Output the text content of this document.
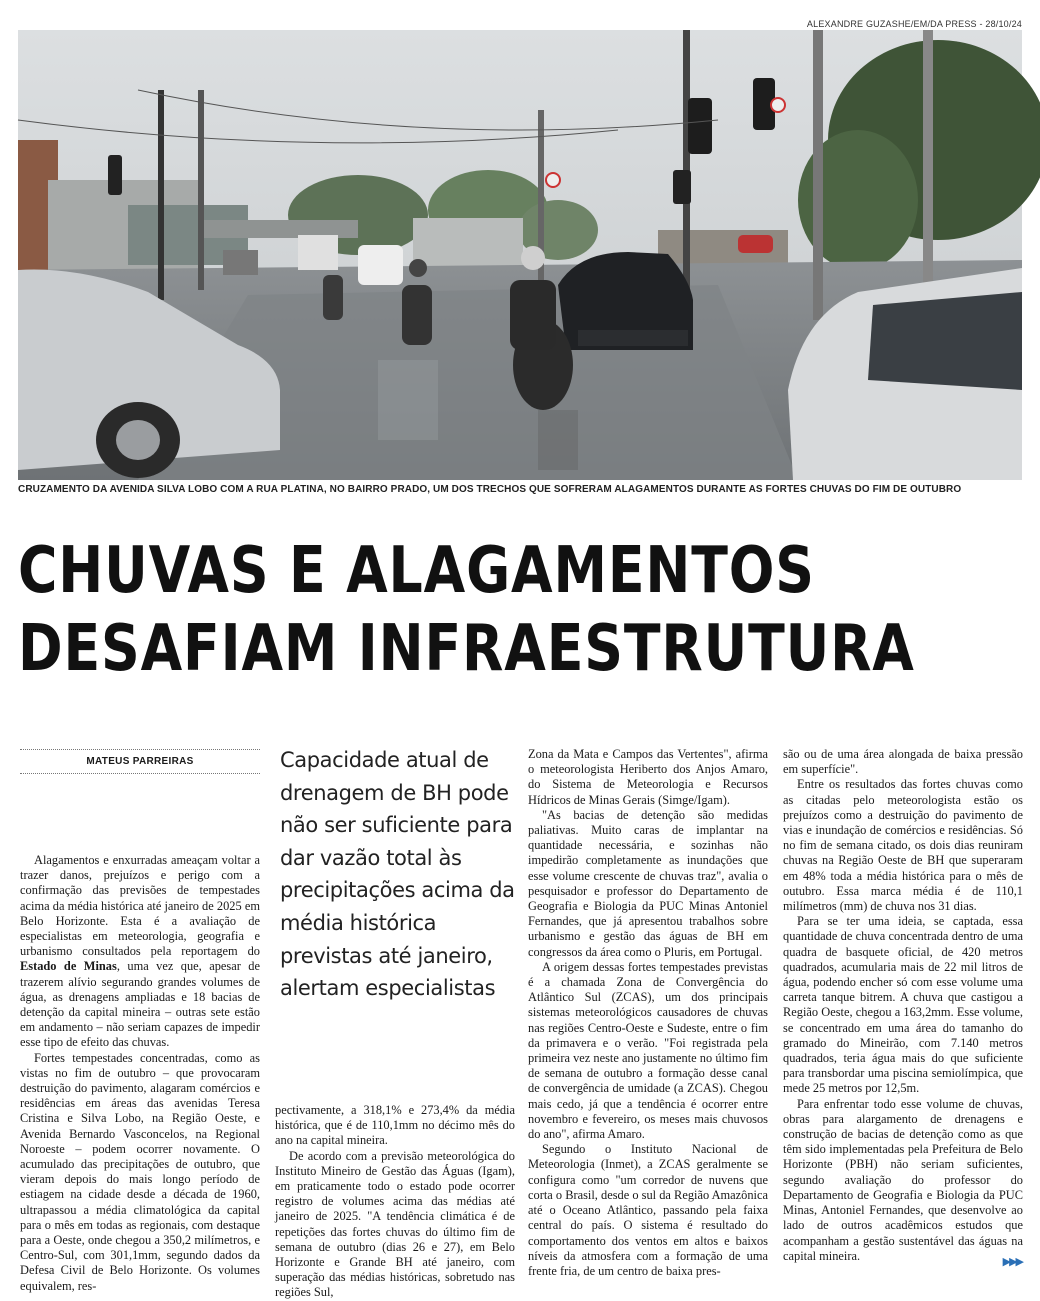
ALEXANDRE GUZASHE/EM/DA PRESS - 28/10/24
CRUZAMENTO DA AVENIDA SILVA LOBO COM A RUA PLATINA, NO BAIRRO PRADO, UM DOS TRECHOS QUE SOFRERAM ALAGAMENTOS DURANTE AS FORTES CHUVAS DO FIM DE OUTUBRO
CHUVAS E ALAGAMENTOS
DESAFIAM INFRAESTRUTURA
MATEUS PARREIRAS	Capacidade atual de drenagem de BH pode não ser suficiente para dar vazão total às precipitações acima da média histórica previstas até janeiro, alertam especialistas

Alagamentos e enxurradas ameaçam voltar a trazer danos, prejuízos e perigo com a confirmação das previsões de tempestades acima da média histórica até janeiro de 2025 em Belo Horizonte. Esta é a avaliação de especialistas em meteorologia, geografia e urbanismo consultados pela reportagem do Estado de Minas, uma vez que, apesar de trazerem alívio segurando grandes volumes de água, as drenagens ampliadas e 18 bacias de detenção da capital mineira – outras sete estão em andamento – não seriam capazes de impedir esse tipo de efeito das chuvas.

Fortes tempestades concentradas, como as vistas no fim de outubro – que provocaram destruição do pavimento, alagaram comércios e residências em áreas das avenidas Teresa Cristina e Silva Lobo, na Região Oeste, e Avenida Bernardo Vasconcelos, na Regional Noroeste – podem ocorrer novamente. O acumulado das precipitações de outubro, que vieram depois do mais longo período de estiagem na cidade desde a década de 1960, ultrapassou a média climatológica da capital para o mês em todas as regionais, com destaque para a Oeste, onde chegou a 350,2 milímetros, e Centro-Sul, com 301,1mm, segundo dados da Defesa Civil de Belo Horizonte. Os volumes equivalem, res-

pectivamente, a 318,1% e 273,4% da média histórica, que é de 110,1mm no décimo mês do ano na capital mineira.

De acordo com a previsão meteorológica do Instituto Mineiro de Gestão das Águas (Igam), em praticamente todo o estado pode ocorrer registro de volumes acima das médias até janeiro de 2025. "A tendência climática é de repetições das fortes chuvas do último fim de semana de outubro (dias 26 e 27), em Belo Horizonte e Grande BH até janeiro, com superação das médias históricas, sobretudo nas regiões Sul,

Zona da Mata e Campos das Vertentes", afirma o meteorologista Heriberto dos Anjos Amaro, do Sistema de Meteorologia e Recursos Hídricos de Minas Gerais (Simge/Igam).

"As bacias de detenção são medidas paliativas. Muito caras de implantar na quantidade necessária, e sozinhas não impedirão completamente as inundações que esse volume crescente de chuvas traz", avalia o pesquisador e professor do Departamento de Geografia e Biologia da PUC Minas Antoniel Fernandes, que já apresentou trabalhos sobre urbanismo e gestão das águas de BH em congressos da área como o Pluris, em Portugal.

A origem dessas fortes tempestades previstas é a chamada Zona de Convergência do Atlântico Sul (ZCAS), um dos principais sistemas meteorológicos causadores de chuvas nas regiões Centro-Oeste e Sudeste, entre o fim da primavera e o verão. "Foi registrada pela primeira vez neste ano justamente no último fim de semana de outubro a formação desse canal de convergência de umidade (a ZCAS). Chegou mais cedo, já que a tendência é ocorrer entre novembro e fevereiro, os meses mais chuvosos do ano", afirma Amaro.

Segundo o Instituto Nacional de Meteorologia (Inmet), a ZCAS geralmente se configura como "um corredor de nuvens que corta o Brasil, desde o sul da Região Amazônica até o Oceano Atlântico, passando pela faixa central do país. O sistema é resultado do comportamento dos ventos em altos e baixos níveis da atmosfera com a formação de uma frente fria, de um centro de baixa pres-

são ou de uma área alongada de baixa pressão em superfície".

Entre os resultados das fortes chuvas como as citadas pelo meteorologista estão os prejuízos como a destruição do pavimento de vias e inundação de comércios e residências. Só no fim de semana citado, os dois dias reuniram chuvas na Região Oeste de BH que superaram em 48% toda a média histórica para o mês de outubro. Essa marca média é de 110,1 milímetros (mm) de chuva nos 31 dias.

Para se ter uma ideia, se captada, essa quantidade de chuva concentrada dentro de uma quadra de basquete oficial, de 420 metros quadrados, acumularia mais de 22 mil litros de água, podendo encher só com esse volume uma carreta tanque bitrem. A chuva que castigou a Região Oeste, chegou a 163,2mm. Esse volume, se concentrado em uma área do tamanho do gramado do Mineirão, com 7.140 metros quadrados, teria água mais do que suficiente para transbordar uma piscina semiolímpica, que mede 25 metros por 12,5m.

Para enfrentar todo esse volume de chuvas, obras para alargamento de drenagens e construção de bacias de detenção como as que têm sido implementadas pela Prefeitura de Belo Horizonte (PBH) não seriam suficientes, segundo avaliação do professor do Departamento de Geografia e Biologia da PUC Minas, Antoniel Fernandes, que desenvolve ao lado de outros acadêmicos estudos que acompanham a gestão sustentável das águas na capital mineira.	▶▶▶
